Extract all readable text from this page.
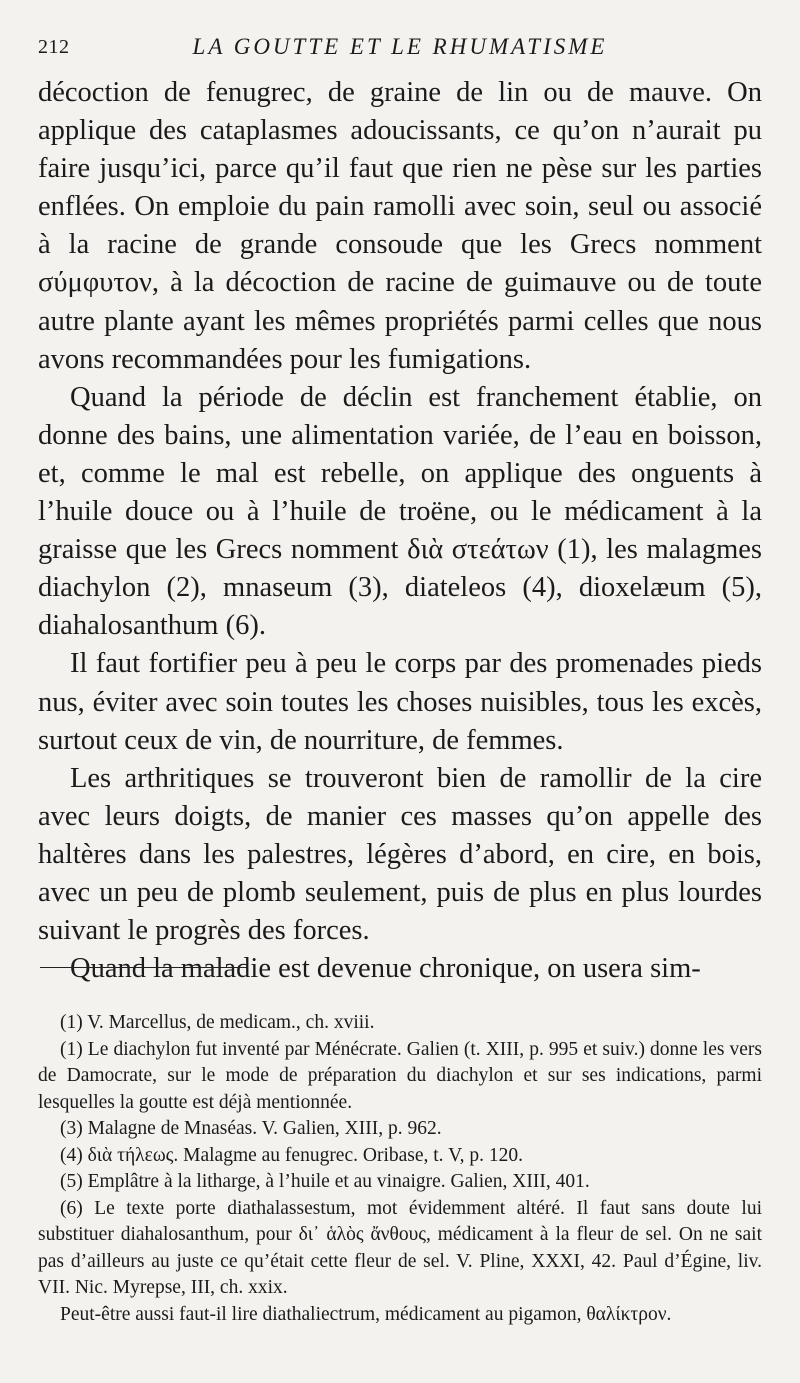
212	LA GOUTTE ET LE RHUMATISME

décoction de fenugrec, de graine de lin ou de mauve. On applique des cataplasmes adoucissants, ce qu’on n’aurait pu faire jusqu’ici, parce qu’il faut que rien ne pèse sur les parties enflées. On emploie du pain ramolli avec soin, seul ou associé à la racine de grande consoude que les Grecs nomment σύμφυτον, à la décoction de racine de guimauve ou de toute autre plante ayant les mêmes propriétés parmi celles que nous avons recommandées pour les fumigations.

Quand la période de déclin est franchement établie, on donne des bains, une alimentation variée, de l’eau en boisson, et, comme le mal est rebelle, on applique des onguents à l’huile douce ou à l’huile de troëne, ou le médicament à la graisse que les Grecs nomment διὰ στεάτων (1), les malagmes diachylon (2), mnaseum (3), diateleos (4), dioxelæum (5), diahalosanthum (6).

Il faut fortifier peu à peu le corps par des promenades pieds nus, éviter avec soin toutes les choses nuisibles, tous les excès, surtout ceux de vin, de nourriture, de femmes.

Les arthritiques se trouveront bien de ramollir de la cire avec leurs doigts, de manier ces masses qu’on appelle des haltères dans les palestres, légères d’abord, en cire, en bois, avec un peu de plomb seulement, puis de plus en plus lourdes suivant le progrès des forces.

Quand la maladie est devenue chronique, on usera sim-

(1) V. Marcellus, de medicam., ch. xviii.

(1) Le diachylon fut inventé par Ménécrate. Galien (t. XIII, p. 995 et suiv.) donne les vers de Damocrate, sur le mode de préparation du diachylon et sur ses indications, parmi lesquelles la goutte est déjà mentionnée.

(3) Malagne de Mnaséas. V. Galien, XIII, p. 962.

(4) διὰ τήλεως. Malagme au fenugrec. Oribase, t. V, p. 120.

(5) Emplâtre à la litharge, à l’huile et au vinaigre. Galien, XIII, 401.

(6) Le texte porte diathalassestum, mot évidemment altéré. Il faut sans doute lui substituer diahalosanthum, pour δι᾽ ἁλὸς ἄνθους, médicament à la fleur de sel. On ne sait pas d’ailleurs au juste ce qu’était cette fleur de sel. V. Pline, XXXI, 42. Paul d’Égine, liv. VII. Nic. Myrepse, III, ch. xxix.

Peut-être aussi faut-il lire diathaliectrum, médicament au pigamon, θαλίκτρον.
